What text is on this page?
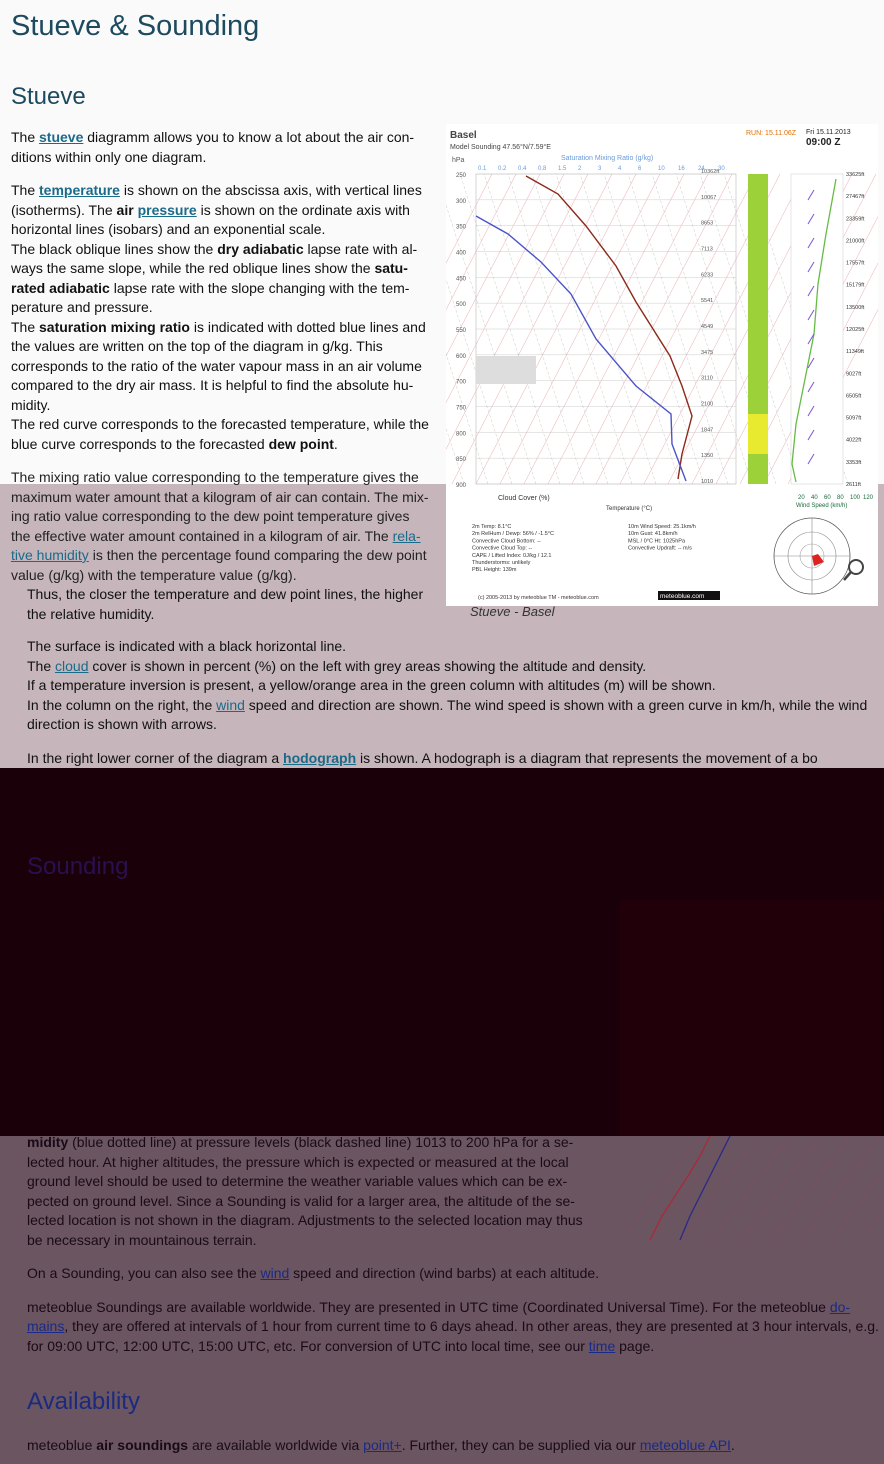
Stueve & Sounding
Stueve

The stueve diagramm allows you to know a lot about the air con-ditions within only one diagram.

The temperature is shown on the abscissa axis, with vertical lines (isotherms). The air pressure is shown on the ordinate axis with horizontal lines (isobars) and an exponential scale.

The black oblique lines show the dry adiabatic lapse rate with al-ways the same slope, while the red oblique lines show the satu-rated adiabatic lapse rate with the slope changing with the tem-perature and pressure.

The saturation mixing ratio is indicated with dotted blue lines and the values are written on the top of the diagram in g/kg. This corresponds to the ratio of the water vapour mass in an air volume compared to the dry air mass. It is helpful to find the absolute hu-midity.

The red curve corresponds to the forecasted temperature, while the blue curve corresponds to the forecasted dew point.

The mixing ratio value corresponding to the temperature gives the maximum water amount that a kilogram of air can contain. The mix-ing ratio value corresponding to the dew point temperature gives the effective water amount contained in a kilogram of air. The rela-tive humidity is then the percentage found comparing the dew point value (g/kg) with the temperature value (g/kg).

Thus, the closer the temperature and dew point lines, the higher the relative humidity.

Basel
Model Sounding 47.56°N/7.59°E
RUN: 15.11.06Z Fri 15.11.2013
09:00 Z
hPa	Saturation Mixing Ratio (g/kg)
0.1 0.2 0.4 0.8 1.5 2	3	4	6	10 16 24 30
250
300
350
400
450
500
550
600
700
750
800
850
900
10362ft
10067
8653
7113
6233
5541
4549
3475
3110
2100
1847
1350
1010
33625ft
27467ft
23359ft
21000ft
17557ft
15179ft
13500ft
12025ft
11349ft
9027ft
6505ft
5097ft
4022ft
3353ft
2611ft
Temperature (°C)
Cloud Cover (%)
Wind Speed (km/h)
20 40 60 80 100 120
2m Temp: 8.1°C
2m RelHum / Dewp: 56% / -1.5°C
Convective Cloud Bottom: --
Convective Cloud Top: --
CAPE / Lifted Index: 0J/kg / 12.1
Thunderstorms: unlikely
PBL Height: 139m
10m Wind Speed: 25.1km/h
10m Gust: 41.8km/h
MSL / 0°C Ht: 1025hPa
Convective Updraft: -- m/s
(c) 2005-2013 by meteoblue TM - meteoblue.com	meteoblue.com
Stueve - Basel

The surface is indicated with a black horizontal line.

The cloud cover is shown in percent (%) on the left with grey areas showing the altitude and density.

If a temperature inversion is present, a yellow/orange area in the green column with altitudes (m) will be shown.

In the column on the right, the wind speed and direction are shown. The wind speed is shown with a green curve in km/h, while the wind direction is shown with arrows.

In the right lower corner of the diagram a hodograph is shown. A hodograph is a diagram that represents the movement of a bo

Sounding

midity (blue dotted line) at pressure levels (black dashed line) 1013 to 200 hPa for a se-lected hour. At higher altitudes, the pressure which is expected or measured at the local ground level should be used to determine the weather variable values which can be ex-pected on ground level. Since a Sounding is valid for a larger area, the altitude of the se-lected location is not shown in the diagram. Adjustments to the selected location may thus be necessary in mountainous terrain.

On a Sounding, you can also see the wind speed and direction (wind barbs) at each altitude.

meteoblue Soundings are available worldwide. They are presented in UTC time (Coordinated Universal Time). For the meteoblue do-mains, they are offered at intervals of 1 hour from current time to 6 days ahead. In other areas, they are presented at 3 hour intervals, e.g. for 09:00 UTC, 12:00 UTC, 15:00 UTC, etc. For conversion of UTC into local time, see our time page.

Availability

meteoblue air soundings are available worldwide via point+. Further, they can be supplied via our meteoblue API.
